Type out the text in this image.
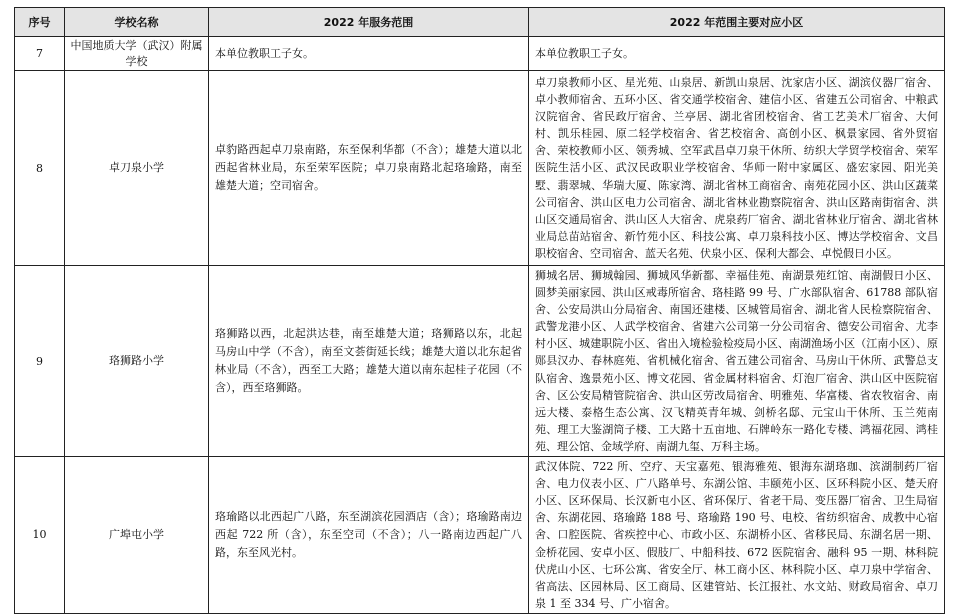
序号	学校名称	2022 年服务范围	2022 年范围主要对应小区
7	中国地质大学（武汉）附属学校	本单位教职工子女。	本单位教职工子女。
8	卓刀泉小学	卓豹路西起卓刀泉南路，东至保利华都（不含）；雄楚大道以北西起省林业局，东至荣军医院；卓刀泉南路北起珞瑜路，南至雄楚大道；空司宿舍。	卓刀泉教师小区、星光苑、山泉居、新凯山泉居、沈家店小区、湖滨仪器厂宿舍、卓小教师宿舍、五环小区、省交通学校宿舍、建信小区、省建五公司宿舍、中粮武汉院宿舍、省民政厅宿舍、兰亭居、湖北省团校宿舍、省工艺美术厂宿舍、大何村、凯乐桂园、原二轻学校宿舍、省艺校宿舍、高创小区、枫景家园、省外贸宿舍、荣校教师小区、领秀城、空军武昌卓刀泉干休所、纺织大学贸学校宿舍、荣军医院生活小区、武汉民政职业学校宿舍、华师一附中家属区、盛宏家园、阳光美墅、翡翠城、华瑞大厦、陈家湾、湖北省林工商宿舍、南苑花园小区、洪山区蔬菜公司宿舍、洪山区电力公司宿舍、湖北省林业勘察院宿舍、洪山区路南街宿舍、洪山区交通局宿舍、洪山区人大宿舍、虎泉药厂宿舍、湖北省林业厅宿舍、湖北省林业局总苗站宿舍、新竹苑小区、科技公寓、卓刀泉科技小区、博达学校宿舍、文昌职校宿舍、空司宿舍、蓝天名苑、伏泉小区、保利大都会、卓悦假日小区。
9	珞狮路小学	珞狮路以西，北起洪达巷，南至雄楚大道；珞狮路以东，北起马房山中学（不含），南至文荟街延长线；雄楚大道以北东起省林业局（不含），西至工大路；雄楚大道以南东起桂子花园（不含），西至珞狮路。	狮城名居、狮城翰园、狮城风华新都、幸福佳苑、南湖景苑红馆、南湖假日小区、圆梦美丽家园、洪山区戒毒所宿舍、珞桂路 99 号、广水部队宿舍、61788 部队宿舍、公安局洪山分局宿舍、南国还建楼、区城管局宿舍、湖北省人民检察院宿舍、武警龙港小区、人武学校宿舍、省建六公司第一分公司宿舍、德安公司宿舍、尤李村小区、城建职院小区、省出入境检验检疫局小区、南湖渔场小区（江南小区）、原郧县汉办、春林庭苑、省机械化宿舍、省五建公司宿舍、马房山干休所、武警总支队宿舍、逸景苑小区、博文花园、省金属材料宿舍、灯泡厂宿舍、洪山区中医院宿舍、区公安局精管院宿舍、洪山区劳改局宿舍、明雅苑、华富楼、省农牧宿舍、南远大楼、泰格生态公寓、汉飞精英青年城、剑桥名邸、元宝山干休所、玉兰苑南苑、理工大鉴湖筒子楼、工大路十五亩地、石牌岭东一路化专楼、鸿福花园、鸿桂苑、理公馆、金域学府、南湖九玺、万科主场。
10	广埠屯小学	珞瑜路以北西起广八路，东至湖滨花园酒店（含）；珞瑜路南边西起 722 所（含），东至空司（不含）；八一路南边西起广八路，东至风光村。	武汉体院、722 所、空疗、天宝嘉苑、银海雅苑、银海东湖珞珈、滨湖制药厂宿舍、电力仪表小区、广八路单号、东湖公馆、丰颐苑小区、区环科院小区、楚天府小区、区环保局、长汉新屯小区、省环保厅、省老干局、变压器厂宿舍、卫生局宿舍、东湖花园、珞瑜路 188 号、珞瑜路 190 号、电校、省纺织宿舍、成教中心宿舍、口腔医院、省疾控中心、市政小区、东湖桥小区、省移民局、东湖名居一期、金桥花园、安卓小区、假肢厂、中船科技、672 医院宿舍、融科 95 一期、林科院伏虎山小区、七环公寓、省安全厅、林工商小区、林科院小区、卓刀泉中学宿舍、省高法、区园林局、区工商局、区建管站、长江报社、水文站、财政局宿舍、卓刀泉 1 至 334 号、广小宿舍。
